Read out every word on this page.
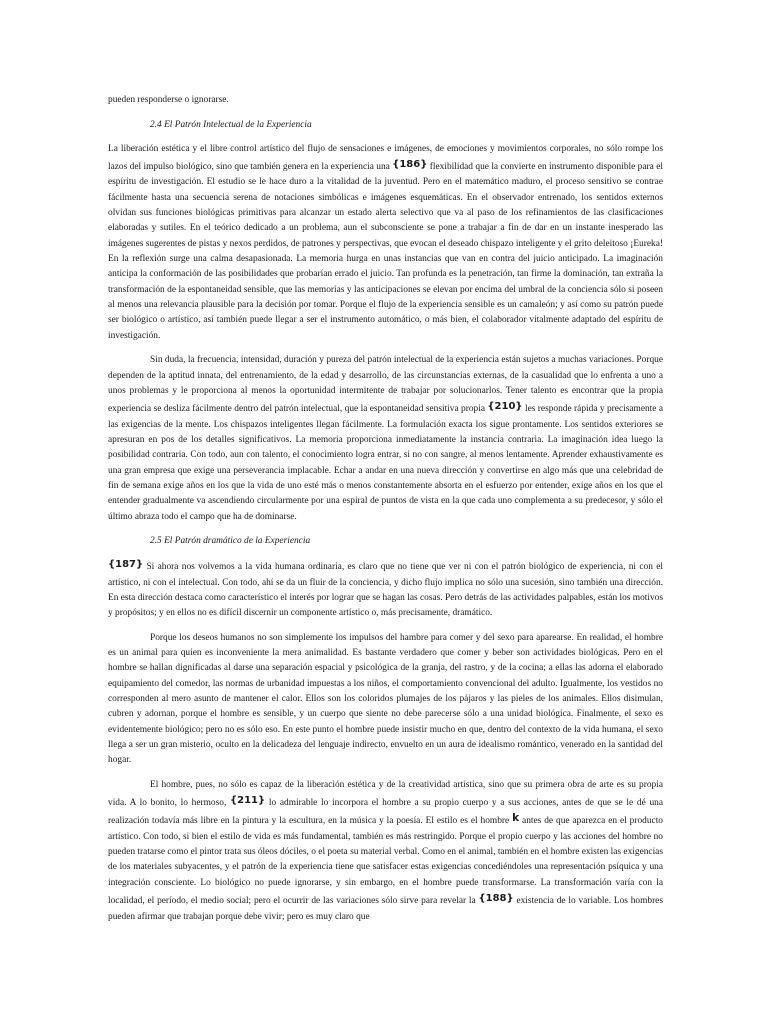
pueden responderse o ignorarse.

2.4 El Patrón Intelectual de la Experiencia

La liberación estética y el libre control artístico del flujo de sensaciones e imágenes, de emociones y movimientos corporales, no sólo rompe los lazos del impulso biológico, sino que también genera en la experiencia una {186} flexibilidad que la convierte en instrumento disponible para el espíritu de investigación. El estudio se le hace duro a la vitalidad de la juventud. Pero en el matemático maduro, el proceso sensitivo se contrae fácilmente hasta una secuencia serena de notaciones simbólicas e imágenes esquemáticas. En el observador entrenado, los sentidos externos olvidan sus funciones biológicas primitivas para alcanzar un estado alerta selectivo que va al paso de los refinamientos de las clasificaciones elaboradas y sutiles. En el teórico dedicado a un problema, aun el subconsciente se pone a trabajar a fin de dar en un instante inesperado las imágenes sugerentes de pistas y nexos perdidos, de patrones y perspectivas, que evocan el deseado chispazo inteligente y el grito deleitoso ¡Eureka! En la reflexión surge una calma desapasionada. La memoria hurga en unas instancias que van en contra del juicio anticipado. La imaginación anticipa la conformación de las posibilidades que probarían errado el juicio. Tan profunda es la penetración, tan firme la dominación, tan extraña la transformación de la espontaneidad sensible, que las memorias y las anticipaciones se elevan por encima del umbral de la conciencia sólo si poseen al menos una relevancia plausible para la decisión por tomar. Porque el flujo de la experiencia sensible es un camaleón; y así como su patrón puede ser biológico o artístico, así también puede llegar a ser el instrumento automático, o más bien, el colaborador vitalmente adaptado del espíritu de investigación.

Sin duda, la frecuencia, intensidad, duración y pureza del patrón intelectual de la experiencia están sujetos a muchas variaciones. Porque dependen de la aptitud innata, del entrenamiento, de la edad y desarrollo, de las circunstancias externas, de la casualidad que lo enfrenta a uno a unos problemas y le proporciona al menos la oportunidad intermitente de trabajar por solucionarlos. Tener talento es encontrar que la propia experiencia se desliza fácilmente dentro del patrón intelectual, que la espontaneidad sensitiva propia {210} les responde rápida y precisamente a las exigencias de la mente. Los chispazos inteligentes llegan fácilmente. La formulación exacta los sigue prontamente. Los sentidos exteriores se apresuran en pos de los detalles significativos. La memoria proporciona inmediatamente la instancia contraria. La imaginación idea luego la posibilidad contraria. Con todo, aun con talento, el conocimiento logra entrar, si no con sangre, al menos lentamente. Aprender exhaustivamente es una gran empresa que exige una perseverancia implacable. Echar a andar en una nueva dirección y convertirse en algo más que una celebridad de fin de semana exige años en los que la vida de uno esté más o menos constantemente absorta en el esfuerzo por entender, exige años en los que el entender gradualmente va ascendiendo circularmente por una espiral de puntos de vista en la que cada uno complementa a su predecesor, y sólo el último abraza todo el campo que ha de dominarse.

2.5 El Patrón dramático de la Experiencia

{187} Si ahora nos volvemos a la vida humana ordinaria, es claro que no tiene que ver ni con el patrón biológico de experiencia, ni con el artístico, ni con el intelectual. Con todo, ahí se da un fluir de la conciencia, y dicho flujo implica no sólo una sucesión, sino también una dirección. En esta dirección destaca como característico el interés por lograr que se hagan las cosas. Pero detrás de las actividades palpables, están los motivos y propósitos; y en ellos no es difícil discernir un componente artístico o, más precisamente, dramático.

Porque los deseos humanos no son simplemente los impulsos del hambre para comer y del sexo para aparearse. En realidad, el hombre es un animal para quien es inconveniente la mera animalidad. Es bastante verdadero que comer y beber son actividades biológicas. Pero en el hombre se hallan dignificadas al darse una separación espacial y psicológica de la granja, del rastro, y de la cocina; a ellas las adorna el elaborado equipamiento del comedor, las normas de urbanidad impuestas a los niños, el comportamiento convencional del adulto. Igualmente, los vestidos no corresponden al mero asunto de mantener el calor. Ellos son los coloridos plumajes de los pájaros y las pieles de los animales. Ellos disimulan, cubren y adornan, porque el hombre es sensible, y un cuerpo que siente no debe parecerse sólo a una unidad biológica. Finalmente, el sexo es evidentemente biológico; pero no es sólo eso. En este punto el hombre puede insistir mucho en que, dentro del contexto de la vida humana, el sexo llega a ser un gran misterio, oculto en la delicadeza del lenguaje indirecto, envuelto en un aura de idealismo romántico, venerado en la santidad del hogar.

El hombre, pues, no sólo es capaz de la liberación estética y de la creatividad artística, sino que su primera obra de arte es su propia vida. A lo bonito, lo hermoso, {211} lo admirable lo incorpora el hombre a su propio cuerpo y a sus acciones, antes de que se le dé una realización todavía más libre en la pintura y la escultura, en la música y la poesía. El estilo es el hombre k antes de que aparezca en el producto artístico. Con todo, si bien el estilo de vida es más fundamental, también es más restringido. Porque el propio cuerpo y las acciones del hombre no pueden tratarse como el pintor trata sus óleos dóciles, o el poeta su material verbal. Como en el animal, también en el hombre existen las exigencias de los materiales subyacentes, y el patrón de la experiencia tiene que satisfacer estas exigencias concediéndoles una representación psíquica y una integración consciente. Lo biológico no puede ignorarse, y sin embargo, en el hombre puede transformarse. La transformación varía con la localidad, el período, el medio social; pero el ocurrir de las variaciones sólo sirve para revelar la {188} existencia de lo variable. Los hombres pueden afirmar que trabajan porque debe vivir; pero es muy claro que
